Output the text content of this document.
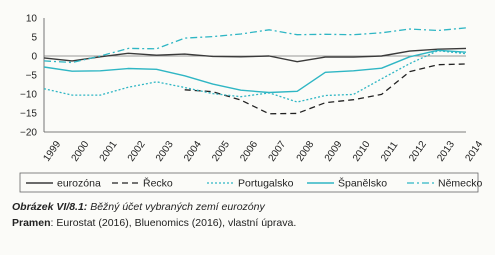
10
5
0
−5
−10
−15
−20
1999 2000 2001 2002 2003 2004 2005 2006 2007 2008 2009 2010 2011 2012 2013 2014
eurozóna	Řecko	Portugalsko	Španělsko	Německo
Obrázek VI/8.1: Běžný účet vybraných zemí eurozóny
Pramen: Eurostat (2016), Bluenomics (2016), vlastní úprava.
